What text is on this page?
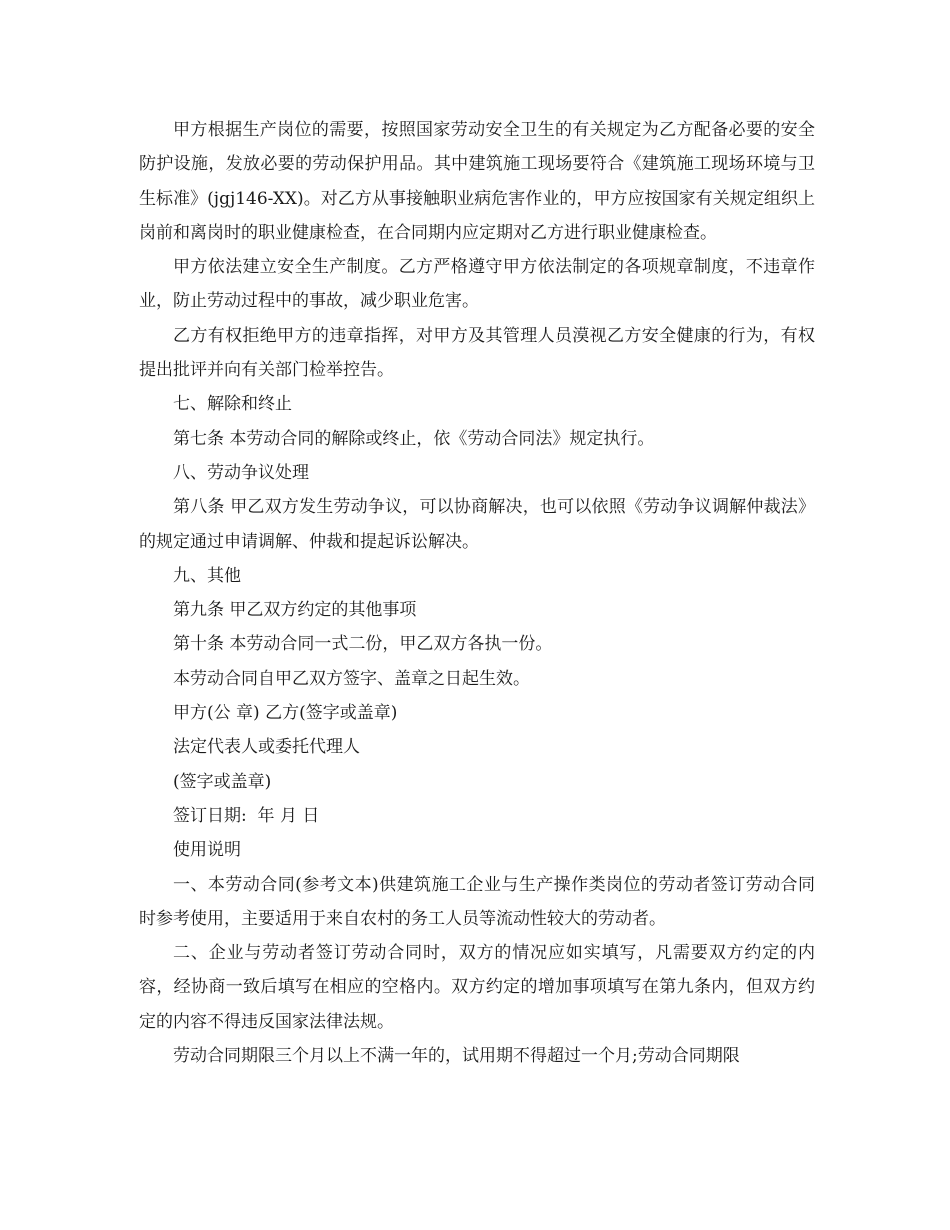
甲方根据生产岗位的需要，按照国家劳动安全卫生的有关规定为乙方配备必要的安全防护设施，发放必要的劳动保护用品。其中建筑施工现场要符合《建筑施工现场环境与卫生标准》(jgj146-XX)。对乙方从事接触职业病危害作业的，甲方应按国家有关规定组织上岗前和离岗时的职业健康检查，在合同期内应定期对乙方进行职业健康检查。

甲方依法建立安全生产制度。乙方严格遵守甲方依法制定的各项规章制度，不违章作业，防止劳动过程中的事故，减少职业危害。

乙方有权拒绝甲方的违章指挥，对甲方及其管理人员漠视乙方安全健康的行为，有权提出批评并向有关部门检举控告。

七、解除和终止

第七条 本劳动合同的解除或终止，依《劳动合同法》规定执行。

八、劳动争议处理

第八条 甲乙双方发生劳动争议，可以协商解决，也可以依照《劳动争议调解仲裁法》的规定通过申请调解、仲裁和提起诉讼解决。

九、其他

第九条 甲乙双方约定的其他事项

第十条 本劳动合同一式二份，甲乙双方各执一份。

本劳动合同自甲乙双方签字、盖章之日起生效。

甲方(公 章) 乙方(签字或盖章)

法定代表人或委托代理人

(签字或盖章)

签订日期:  年 月 日

使用说明

一、本劳动合同(参考文本)供建筑施工企业与生产操作类岗位的劳动者签订劳动合同时参考使用，主要适用于来自农村的务工人员等流动性较大的劳动者。

二、企业与劳动者签订劳动合同时，双方的情况应如实填写，凡需要双方约定的内容，经协商一致后填写在相应的空格内。双方约定的增加事项填写在第九条内，但双方约定的内容不得违反国家法律法规。

劳动合同期限三个月以上不满一年的，试用期不得超过一个月;劳动合同期限
